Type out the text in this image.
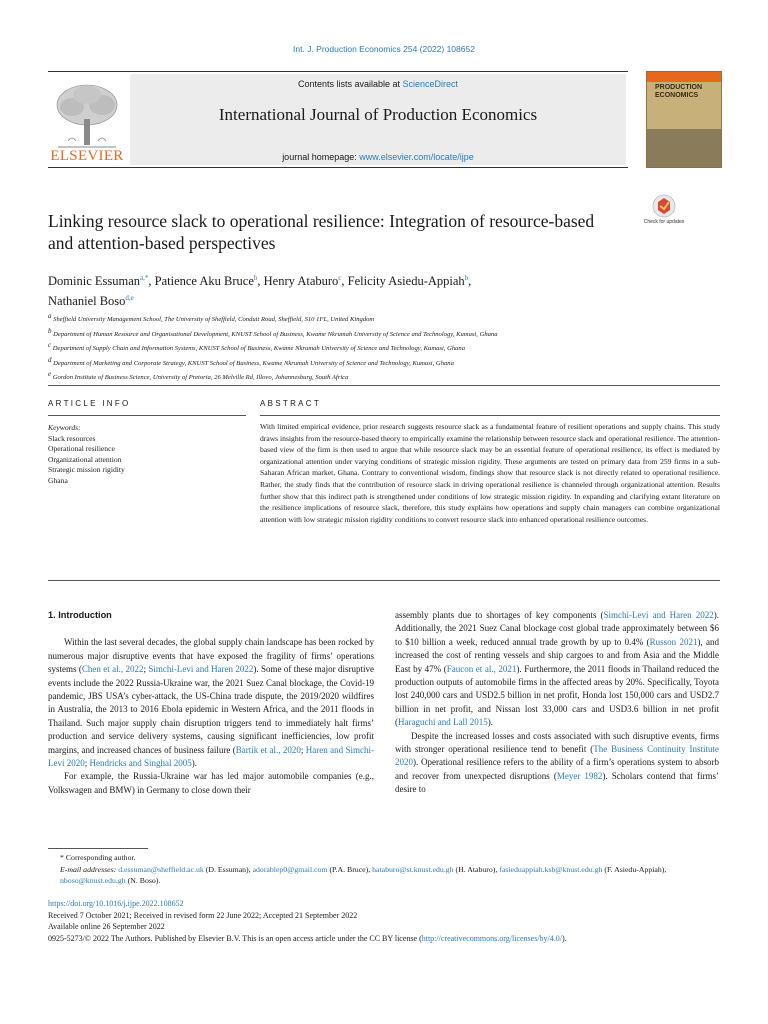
Int. J. Production Economics 254 (2022) 108652
ELSEVIER
Contents lists available at ScienceDirect
International Journal of Production Economics
journal homepage: www.elsevier.com/locate/ijpe
PRODUCTION ECONOMICS
Check for updates
Linking resource slack to operational resilience: Integration of resource-based and attention-based perspectives
Dominic Essuman$^{a,*}$, Patience Aku Bruce$^b$, Henry Ataburo$^c$, Felicity Asiedu-Appiah$^b$,
Nathaniel Boso$^{d,e}$
$^a$ Sheffield University Management School, The University of Sheffield, Conduit Road, Sheffield, S10 1FL, United Kingdom
$^b$ Department of Human Resource and Organisational Development, KNUST School of Business, Kwame Nkrumah University of Science and Technology, Kumasi, Ghana
$^c$ Department of Supply Chain and Information Systems, KNUST School of Business, Kwame Nkrumah University of Science and Technology, Kumasi, Ghana
$^d$ Department of Marketing and Corporate Strategy, KNUST School of Business, Kwame Nkrumah University of Science and Technology, Kumasi, Ghana
$^e$ Gordon Institute of Business Science, University of Pretoria, 26 Melville Rd, Illovo, Johannesburg, South Africa
ARTICLE INFO
Keywords:
Slack resources
Operational resilience
Organizational attention
Strategic mission rigidity
Ghana
ABSTRACT
With limited empirical evidence, prior research suggests resource slack as a fundamental feature of resilient operations and supply chains. This study draws insights from the resource-based theory to empirically examine the relationship between resource slack and operational resilience. The attention-based view of the firm is then used to argue that while resource slack may be an essential feature of operational resilience, its effect is mediated by organizational attention under varying conditions of strategic mission rigidity. These arguments are tested on primary data from 259 firms in a sub-Saharan African market, Ghana. Contrary to conventional wisdom, findings show that resource slack is not directly related to operational resilience. Rather, the study finds that the contribution of resource slack in driving operational resilience is channeled through organizational attention. Results further show that this indirect path is strengthened under conditions of low strategic mission rigidity. In expanding and clarifying extant literature on the resilience implications of resource slack, therefore, this study explains how operations and supply chain managers can combine organizational attention with low strategic mission rigidity conditions to convert resource slack into enhanced operational resilience outcomes.
1. Introduction

Within the last several decades, the global supply chain landscape has been rocked by numerous major disruptive events that have exposed the fragility of firms’ operations systems (Chen et al., 2022; Simchi-Levi and Haren 2022). Some of these major disruptive events include the 2022 Russia-Ukraine war, the 2021 Suez Canal blockage, the Covid-19 pandemic, JBS USA’s cyber-attack, the US-China trade dispute, the 2019/2020 wildfires in Australia, the 2013 to 2016 Ebola epidemic in Western Africa, and the 2011 floods in Thailand. Such major supply chain disruption triggers tend to immediately halt firms’ production and service delivery systems, causing significant inefficiencies, low profit margins, and increased chances of business failure (Bartik et al., 2020; Haren and Simchi-Levi 2020; Hendricks and Singhal 2005).

For example, the Russia-Ukraine war has led major automobile companies (e.g., Volkswagen and BMW) in Germany to close down their

assembly plants due to shortages of key components (Simchi-Levi and Haren 2022). Additionally, the 2021 Suez Canal blockage cost global trade approximately between $6 to $10 billion a week, reduced annual trade growth by up to 0.4% (Russon 2021), and increased the cost of renting vessels and ship cargoes to and from Asia and the Middle East by 47% (Faucon et al., 2021). Furthermore, the 2011 floods in Thailand reduced the production outputs of automobile firms in the affected areas by 20%. Specifically, Toyota lost 240,000 cars and USD2.5 billion in net profit, Honda lost 150,000 cars and USD2.7 billion in net profit, and Nissan lost 33,000 cars and USD3.6 billion in net profit (Haraguchi and Lall 2015).

Despite the increased losses and costs associated with such disruptive events, firms with stronger operational resilience tend to benefit (The Business Continuity Institute 2020). Operational resilience refers to the ability of a firm’s operations system to absorb and recover from unexpected disruptions (Meyer 1982). Scholars contend that firms’ desire to

* Corresponding author.
E-mail addresses: d.essuman@sheffield.ac.uk (D. Essuman), adorablep0@gmail.com (P.A. Bruce), hataburo@st.knust.edu.gh (H. Ataburo), fasieduappiah.ksb@knust.edu.gh (F. Asiedu-Appiah), nboso@knust.edu.gh (N. Boso).
https://doi.org/10.1016/j.ijpe.2022.108652
Received 7 October 2021; Received in revised form 22 June 2022; Accepted 21 September 2022
Available online 26 September 2022
0925-5273/© 2022 The Authors. Published by Elsevier B.V. This is an open access article under the CC BY license (http://creativecommons.org/licenses/by/4.0/).
